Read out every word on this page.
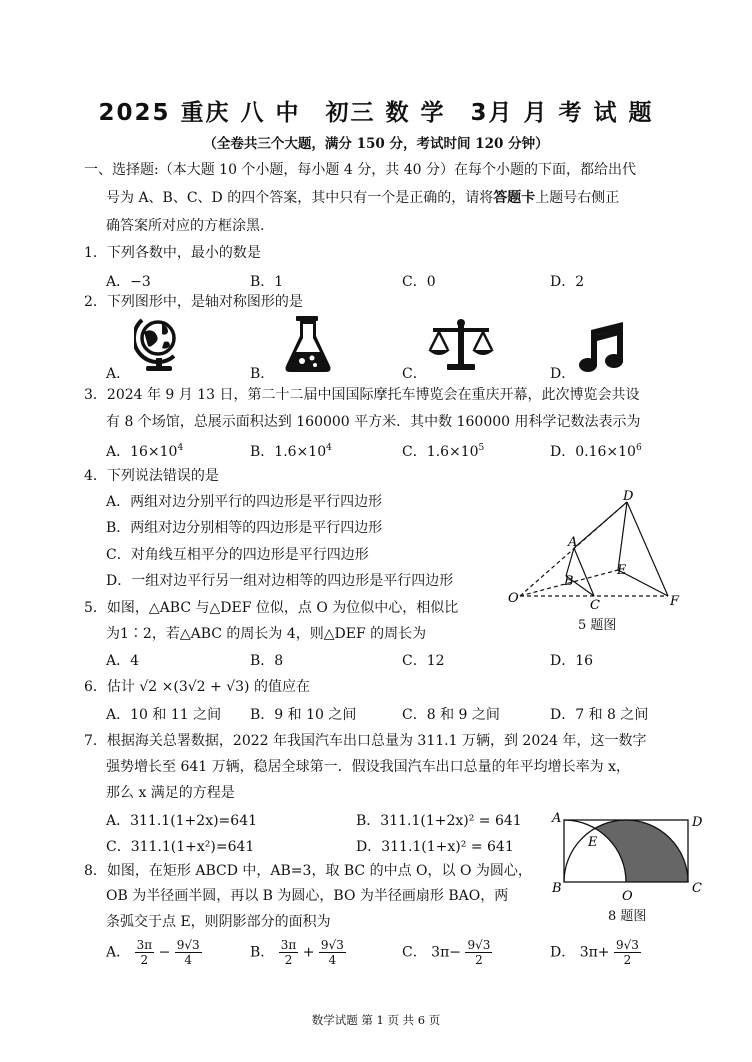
2025 重庆 八 中　初三 数 学　3月 月 考 试 题
（全卷共三个大题，满分 150 分，考试时间 120 分钟）
一、选择题:（本大题 10 个小题，每小题 4 分，共 40 分）在每个小题的下面，都给出代
号为 A、B、C、D 的四个答案，其中只有一个是正确的，请将答题卡上题号右侧正
确答案所对应的方框涂黑.
1．下列各数中，最小的数是
A．−3	B．1	C．0	D．2
2．下列图形中，是轴对称图形的是
A．	B．	C．	D．
3．2024 年 9 月 13 日，第二十二届中国国际摩托车博览会在重庆开幕，此次博览会共设
有 8 个场馆，总展示面积达到 160000 平方米．其中数 160000 用科学记数法表示为
A．$16\times 10^4$	B．$1.6\times 10^4$	C．$1.6\times 10^5$	D．$0.16\times 10^6$
4．下列说法错误的是
A．两组对边分别平行的四边形是平行四边形
B．两组对边分别相等的四边形是平行四边形
C．对角线互相平分的四边形是平行四边形
D．一组对边平行另一组对边相等的四边形是平行四边形
O
A
B
C
D
E
F
5 题图
5．如图，△ABC 与△DEF 位似，点 O 为位似中心，相似比
为1∶2，若△ABC 的周长为 4，则△DEF 的周长为
A．4	B．8	C．12	D．16
6．估计 √2 ×(3√2 + √3) 的值应在
A．10 和 11 之间 B．9 和 10 之间	C．8 和 9 之间	D．7 和 8 之间
7．根据海关总署数据，2022 年我国汽车出口总量为 311.1 万辆，到 2024 年，这一数字
强势增长至 641 万辆，稳居全球第一．假设我国汽车出口总量的年平均增长率为 x，
那么 x 满足的方程是
A．311.1(1+2x)=641	B．311.1(1+2x)² = 641
C．311.1(1+x²)=641	D．311.1(1+x)² = 641
A	D
B	C
E
O
8 题图
8．如图，在矩形 ABCD 中，AB=3，取 BC 的中点 O，以 O 为圆心，
OB 为半径画半圆，再以 B 为圆心，BO 为半径画扇形 BAO，两
条弧交于点 E，则阴影部分的面积为
A． $\frac{3\pi}{2} - \frac{9√3}{4}$	B． $\frac{3\pi}{2} + \frac{9√3}{4}$	C． $3\pi- \frac{9√3}{2}$	D． $3\pi+ \frac{9√3}{2}$
数学试题 第 1 页 共 6 页
